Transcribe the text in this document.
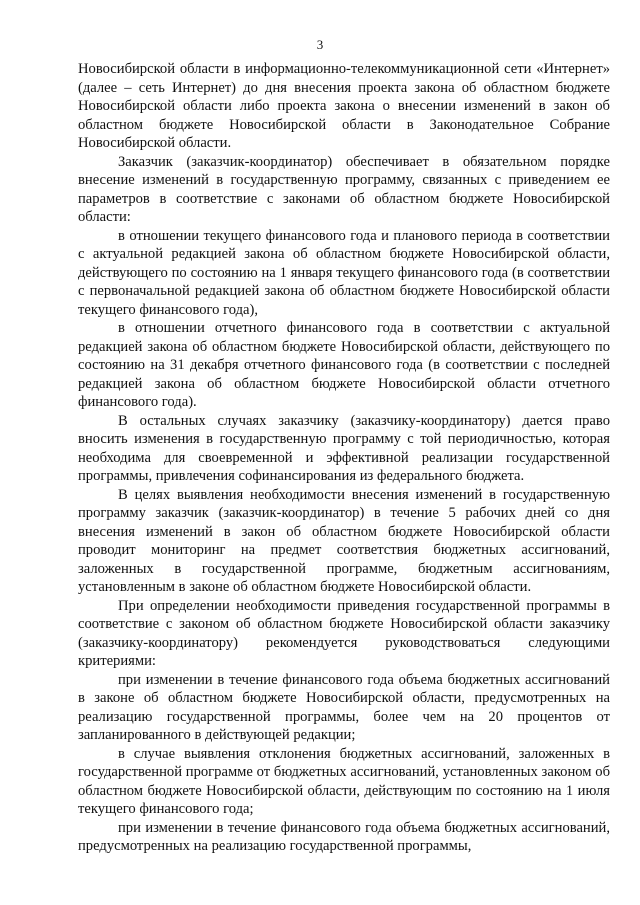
3

Новосибирской области в информационно-телекоммуникационной сети «Интернет» (далее – сеть Интернет) до дня внесения проекта закона об областном бюджете Новосибирской области либо проекта закона о внесении изменений в закон об областном бюджете Новосибирской области в Законодательное Собрание Новосибирской области.

Заказчик (заказчик-координатор) обеспечивает в обязательном порядке внесение изменений в государственную программу, связанных с приведением ее параметров в соответствие с законами об областном бюджете Новосибирской области:

в отношении текущего финансового года и планового периода в соответствии с актуальной редакцией закона об областном бюджете Новосибирской области, действующего по состоянию на 1 января текущего финансового года (в соответствии с первоначальной редакцией закона об областном бюджете Новосибирской области текущего финансового года),

в отношении отчетного финансового года в соответствии с актуальной редакцией закона об областном бюджете Новосибирской области, действующего по состоянию на 31 декабря отчетного финансового года (в соответствии с последней редакцией закона об областном бюджете Новосибирской области отчетного финансового года).

В остальных случаях заказчику (заказчику-координатору) дается право вносить изменения в государственную программу с той периодичностью, которая необходима для своевременной и эффективной реализации государственной программы, привлечения софинансирования из федерального бюджета.

В целях выявления необходимости внесения изменений в государственную программу заказчик (заказчик-координатор) в течение 5 рабочих дней со дня внесения изменений в закон об областном бюджете Новосибирской области проводит мониторинг на предмет соответствия бюджетных ассигнований, заложенных в государственной программе, бюджетным ассигнованиям, установленным в законе об областном бюджете Новосибирской области.

При определении необходимости приведения государственной программы в соответствие с законом об областном бюджете Новосибирской области заказчику (заказчику-координатору) рекомендуется руководствоваться следующими критериями:

при изменении в течение финансового года объема бюджетных ассигнований в законе об областном бюджете Новосибирской области, предусмотренных на реализацию государственной программы, более чем на 20 процентов от запланированного в действующей редакции;

в случае выявления отклонения бюджетных ассигнований, заложенных в государственной программе от бюджетных ассигнований, установленных законом об областном бюджете Новосибирской области, действующим по состоянию на 1 июля текущего финансового года;

при изменении в течение финансового года объема бюджетных ассигнований, предусмотренных на реализацию государственной программы,
